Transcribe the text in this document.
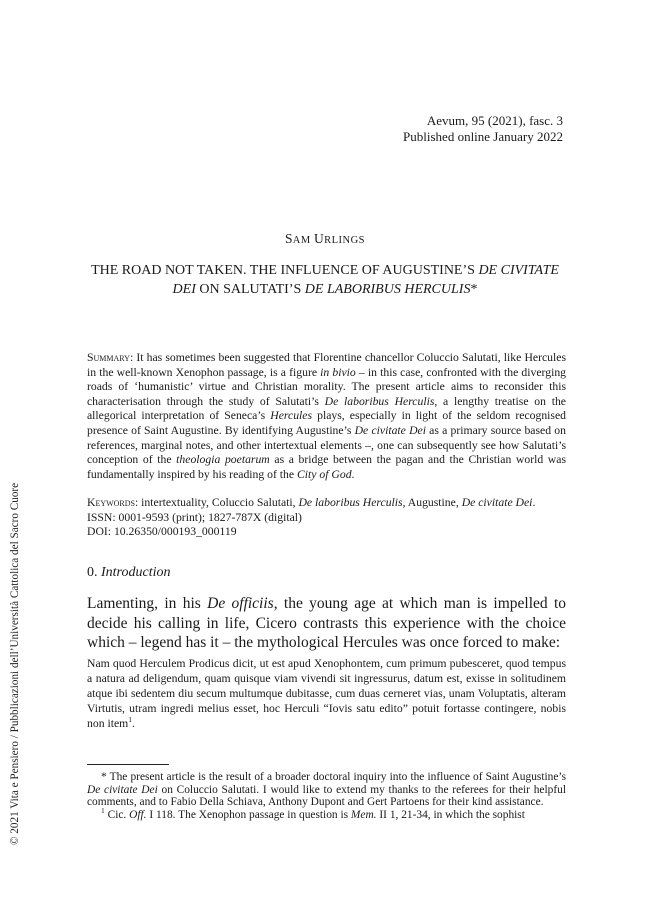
© 2021 Vita e Pensiero / Pubblicazioni dell’Università Cattolica del Sacro Cuore
Aevum, 95 (2021), fasc. 3
Published online January 2022
SAM URLINGS
THE ROAD NOT TAKEN. THE INFLUENCE OF AUGUSTINE’S DE CIVITATE DEI ON SALUTATI’S DE LABORIBUS HERCULIS*
Summary: It has sometimes been suggested that Florentine chancellor Coluccio Salutati, like Hercules in the well-known Xenophon passage, is a figure in bivio – in this case, confronted with the diverging roads of ‘humanistic’ virtue and Christian morality. The present article aims to reconsider this characterisation through the study of Salutati’s De laboribus Herculis, a lengthy treatise on the allegorical interpretation of Seneca’s Hercules plays, especially in light of the seldom recognised presence of Saint Augustine. By identifying Augustine’s De civitate Dei as a primary source based on references, marginal notes, and other intertextual elements –, one can subsequently see how Salutati’s conception of the theologia poetarum as a bridge between the pagan and the Christian world was fundamentally inspired by his reading of the City of God.
Keywords: intertextuality, Coluccio Salutati, De laboribus Herculis, Augustine, De civitate Dei.
ISSN: 0001-9593 (print); 1827-787X (digital)
DOI: 10.26350/000193_000119
0. Introduction
Lamenting, in his De officiis, the young age at which man is impelled to decide his calling in life, Cicero contrasts this experience with the choice which – legend has it – the mythological Hercules was once forced to make:
Nam quod Herculem Prodicus dicit, ut est apud Xenophontem, cum primum pubesceret, quod tempus a natura ad deligendum, quam quisque viam vivendi sit ingressurus, datum est, exisse in solitudinem atque ibi sedentem diu secum multumque dubitasse, cum duas cerneret vias, unam Voluptatis, alteram Virtutis, utram ingredi melius esset, hoc Herculi “Iovis satu edito” potuit fortasse contingere, nobis non item$^1$.

* The present article is the result of a broader doctoral inquiry into the influence of Saint Augustine’s De civitate Dei on Coluccio Salutati. I would like to extend my thanks to the referees for their helpful comments, and to Fabio Della Schiava, Anthony Dupont and Gert Partoens for their kind assistance.

$^1$ Cic. Off. I 118. The Xenophon passage in question is Mem. II 1, 21-34, in which the sophist
